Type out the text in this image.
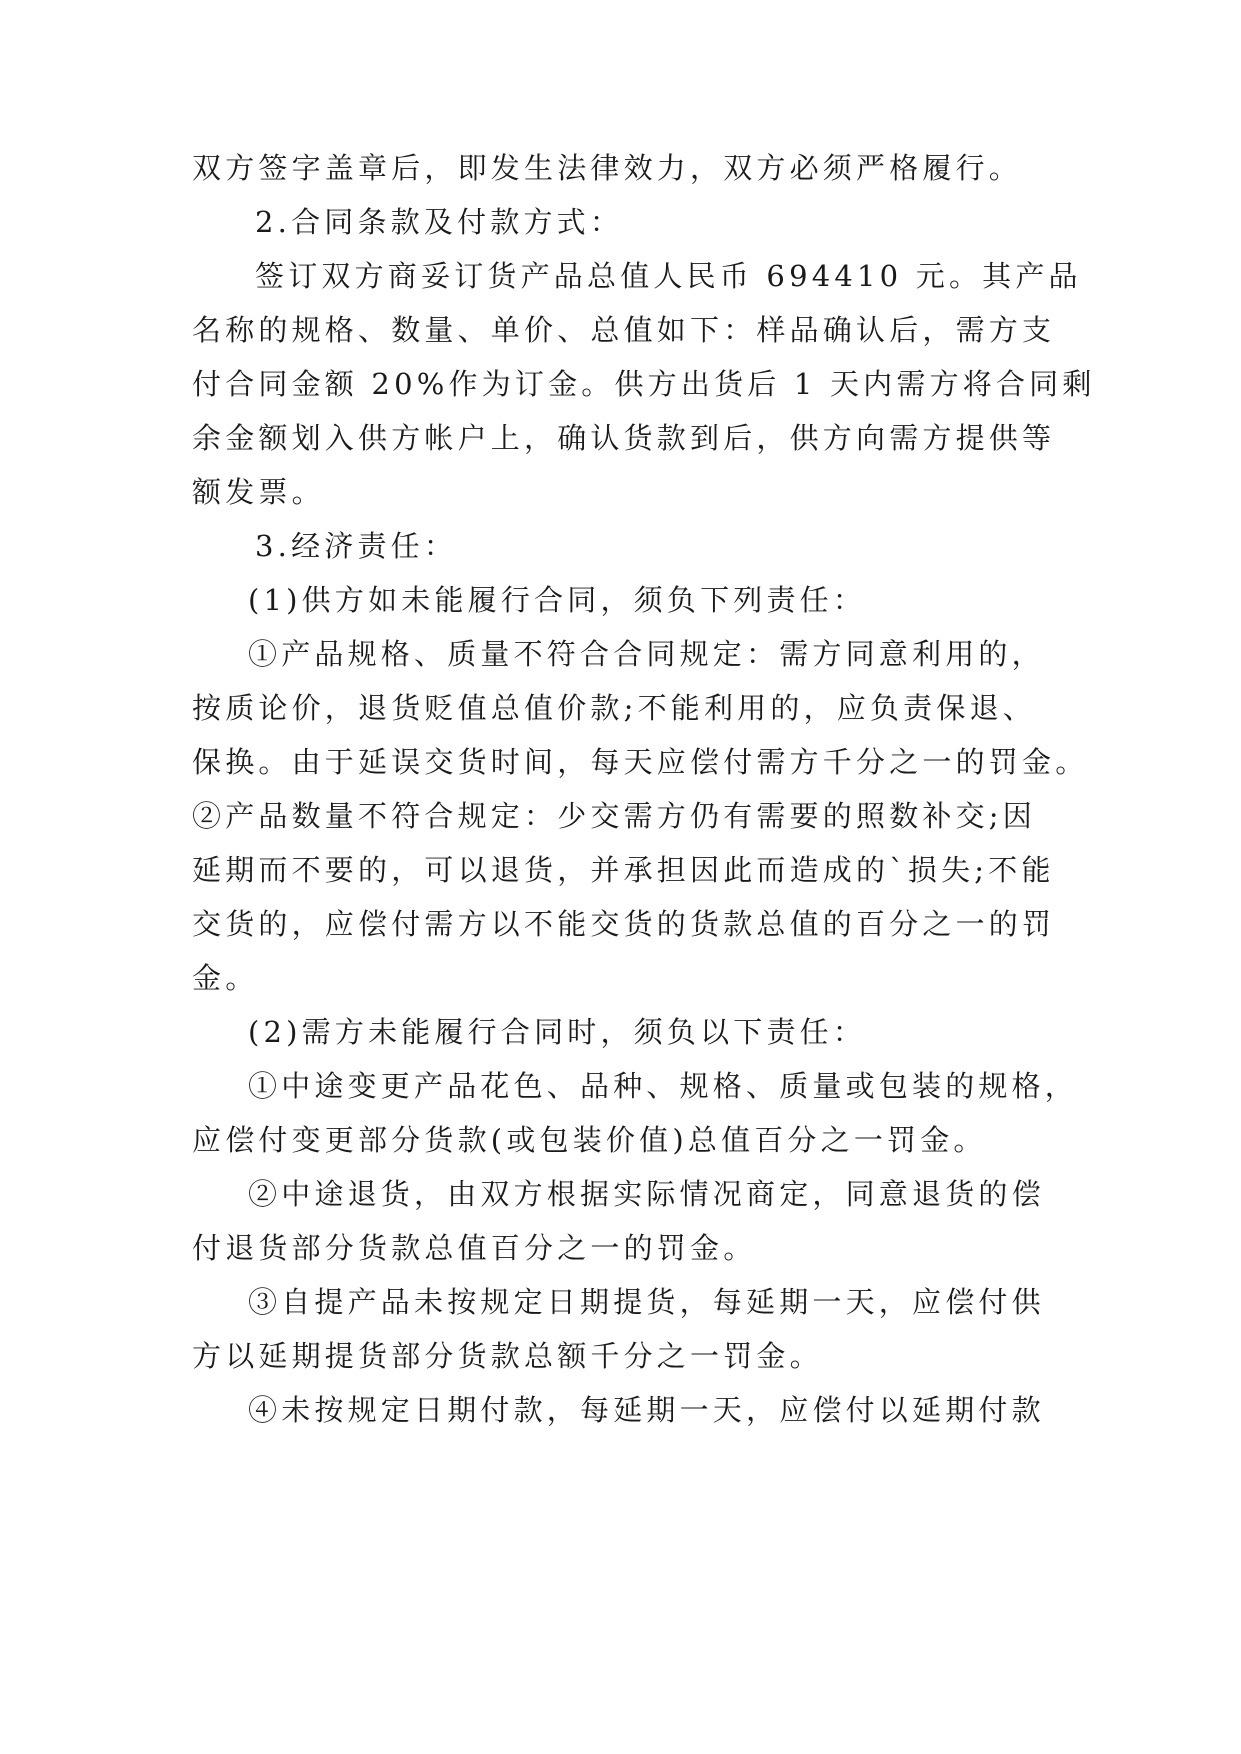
双方签字盖章后，即发生法律效力，双方必须严格履行。
2.合同条款及付款方式：
签订双方商妥订货产品总值人民币 694410 元。其产品
名称的规格、数量、单价、总值如下：样品确认后，需方支
付合同金额 20%作为订金。供方出货后 1 天内需方将合同剩
余金额划入供方帐户上，确认货款到后，供方向需方提供等
额发票。
3.经济责任：
(1)供方如未能履行合同，须负下列责任：
①产品规格、质量不符合合同规定：需方同意利用的，
按质论价，退货贬值总值价款;不能利用的，应负责保退、
保换。由于延误交货时间，每天应偿付需方千分之一的罚金。
②产品数量不符合规定：少交需方仍有需要的照数补交;因
延期而不要的，可以退货，并承担因此而造成的`损失;不能
交货的，应偿付需方以不能交货的货款总值的百分之一的罚
金。
(2)需方未能履行合同时，须负以下责任：
①中途变更产品花色、品种、规格、质量或包装的规格，
应偿付变更部分货款(或包装价值)总值百分之一罚金。
②中途退货，由双方根据实际情况商定，同意退货的偿
付退货部分货款总值百分之一的罚金。
③自提产品未按规定日期提货，每延期一天，应偿付供
方以延期提货部分货款总额千分之一罚金。
④未按规定日期付款，每延期一天，应偿付以延期付款
